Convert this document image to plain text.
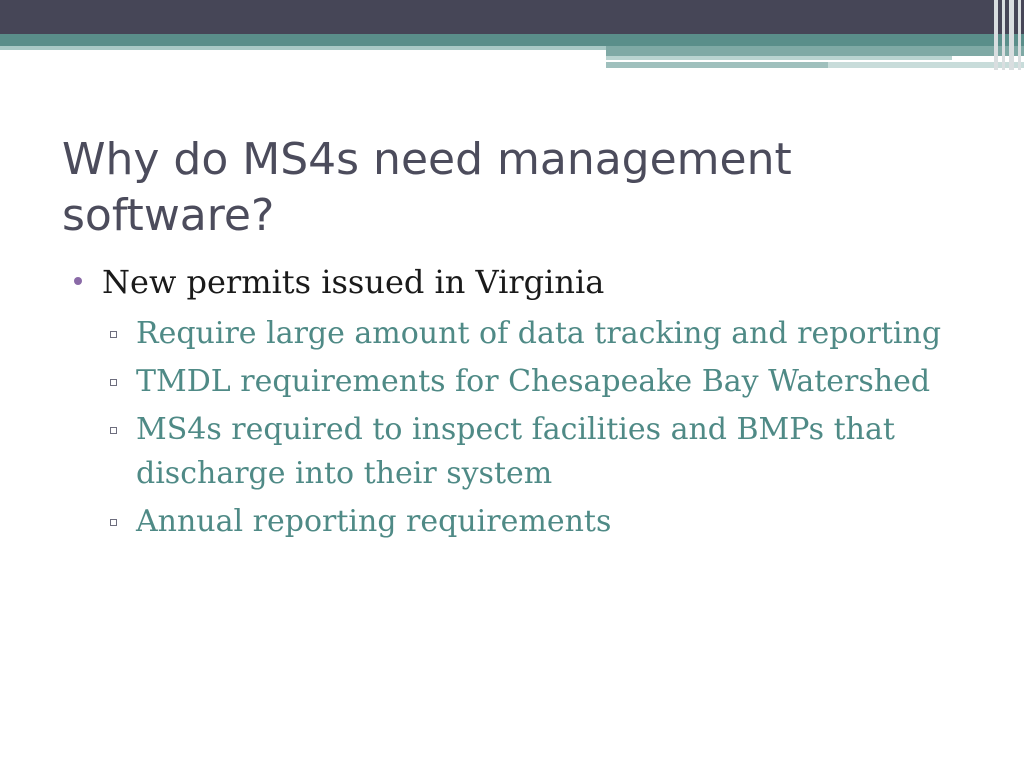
Why do MS4s need management software?
New permits issued in Virginia
Require large amount of data tracking and reporting
TMDL requirements for Chesapeake Bay Watershed
MS4s required to inspect facilities and BMPs that discharge into their system
Annual reporting requirements
